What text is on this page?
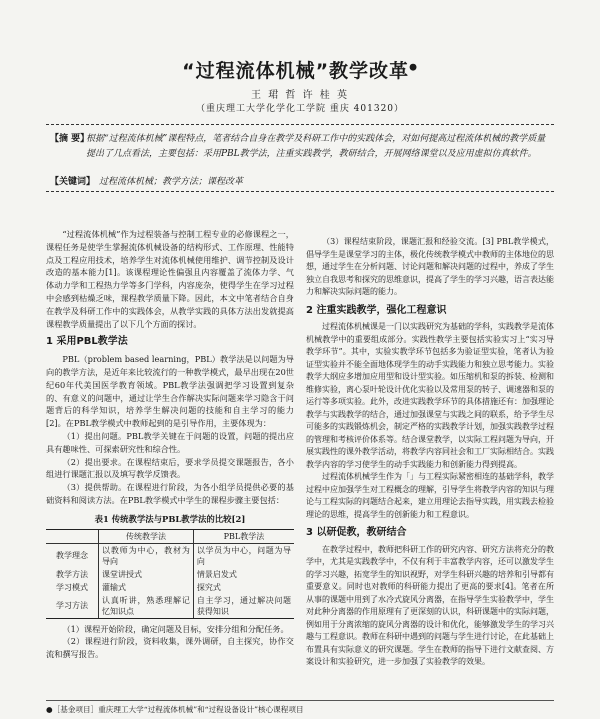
“过程流体机械”教学改革●
王 珺 哲 许 桂 英
（重庆理工大学化学化工学院 重庆 401320）
【摘 要】
根据“过程流体机械”课程特点，笔者结合自身在教学及科研工作中的实践体会，对如何提高过程流体机械的教学质量提出了几点看法，主要包括：采用PBL教学法，注重实践教学，教研结合，开展网络课堂以及应用虚拟仿真软件。
【关键词】 过程流体机械；教学方法；课程改革

“过程流体机械”作为过程装备与控制工程专业的必修课程之一，课程任务是使学生掌握流体机械设备的结构形式、工作原理、性能特点及工程应用技术，培养学生对流体机械使用维护、调节控制及设计改造的基本能力[1]。该课程理论性偏强且内容覆盖了流体力学、气体动力学和工程热力学等多门学科，内容庞杂，使得学生在学习过程中会感到枯燥乏味，课程教学质量下降。因此，本文中笔者结合自身在教学及科研工作中的实践体会，从教学实践的具体方法出发就提高课程教学质量提出了以下几个方面的探讨。

1 采用PBL教学法

PBL（problem based learning，PBL）教学法是以问题为导向的教学方法，是近年来比较流行的一种教学模式，最早出现在20世纪60年代美国医学教育领域。PBL教学法强调把学习设置到复杂的、有意义的问题中，通过让学生合作解决实际问题来学习隐含于问题背后的科学知识，培养学生解决问题的技能和自主学习的能力[2]。在PBL教学模式中教师起到的是引导作用，主要体现为：

（1）提出问题。PBL教学关键在于问题的设置，问题的提出应具有趣味性、可探索研究性和综合性。

（2）提出要求。在课程结束后，要求学员提交课题报告，各小组进行课题汇报以及填写教学反馈表。

（3）提供帮助。在课程进行阶段，为各小组学员提供必要的基础资料和阅读方法。在PBL教学模式中学生的课程步骤主要包括：

表1 传统教学法与PBL教学法的比较[2]
	传统教学法	PBL教学法
教学理念	以教师为中心，教材为导向	以学员为中心，问题为导向
教学方法	课堂讲授式	情景启发式
学习模式	灌输式	探究式
学习方法	认真听讲，熟悉理解记忆知识点	自主学习，通过解决问题获得知识

（1）课程开始阶段，确定问题及目标，安排分组和分配任务。

（2）课程进行阶段，资料收集，课外调研，自主探究，协作交流和撰写报告。

（3）课程结束阶段，课题汇报和经验交流。[3] PBL教学模式，倡导学生是课堂学习的主体，极化传统教学模式中教师的主体地位的思想，通过学生在分析问题、讨论问题和解决问题的过程中，养成了学生独立自我思考和探究的思维意识，提高了学生的学习兴趣，语言表达能力和解决实际问题的能力。

2 注重实践教学，强化工程意识

过程流体机械课是一门以实践研究为基础的学科，实践教学是流体机械教学中的重要组成部分。实践性教学主要包括实验实习上“实习导教学环节”。其中，实验实教学环节包括多为验证型实验，笔者认为验证型实验并不能全面地体现学生的动手实践能力和独立思考能力。实验教学大纲应多增加应用型和设计型实验。如压缩机和泵的拆装、检测和维修实验，离心泵叶轮设计优化实验以及常用泵的转子、调速器和泵的运行等多项实验。此外，改进实践教学环节的具体措施还有：加强理论教学与实践教学的结合，通过加强课堂与实践之间的联系，给予学生尽可能多的实践锻炼机会，制定严格的实践教学计划，加强实践教学过程的管理和考核评价体系等。结合课堂教学，以实际工程问题为导向，开展实践性的课外教学活动，将教学内容同社会和工厂实际相结合。实践教学内容的学习使学生的动手实践能力和创新能力得到提高。

过程流体机械学生作为「」与工程实际紧密相连的基础学科，教学过程中应加强学生对工程概念的理解，引导学生将教学内容的知识与理论与工程实际的问题结合起来，建立用理论去指导实践，用实践去检验理论的思维，提高学生的创新能力和工程意识。

3 以研促教，教研结合

在教学过程中，教师把科研工作的研究内容、研究方法将充分的教学中，尤其是实践教学中，不仅有利于丰富教学内容，还可以激发学生的学习兴趣，拓宽学生的知识视野，对学生科研兴趣的培养和引导都有重要意义。同时也对教师的科研能力提出了更高的要求[4]。笔者在所从事的课题中用到了水冷式旋风分离器，在指导学生实验教学中，学生对此种分离器的作用原理有了更深刻的认识，科研课题中的实际问题，例如用于分离浓缩的旋风分离器的设计和优化，能够激发学生的学习兴趣与工程意识。教师在科研中遇到的问题与学生进行讨论，在此基础上布置具有实际意义的研究课题。学生在教师的指导下进行文献查阅、方案设计和实验研究，进一步加强了实验教学的效果。

●［基金项目］重庆理工大学“过程流体机械”和“过程设备设计”核心课程项目
